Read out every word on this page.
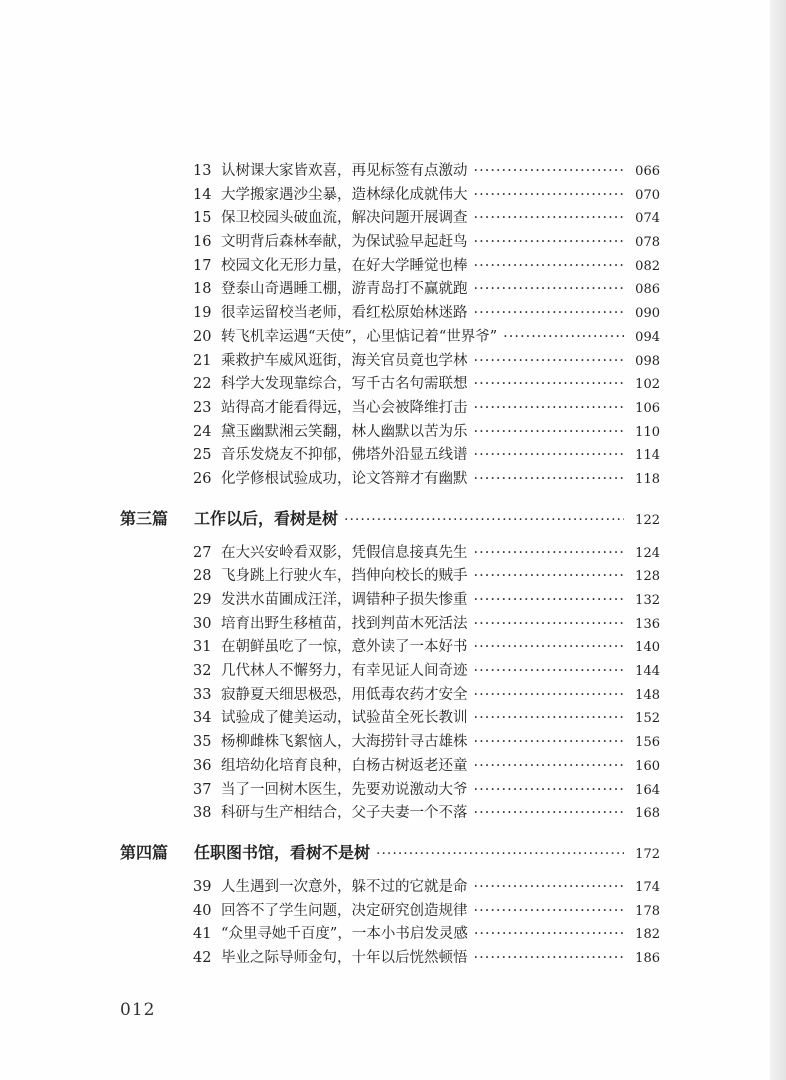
13 认树课大家皆欢喜，再见标签有点激动 ·····	066
14 大学搬家遇沙尘暴，造林绿化成就伟大 ·····	070
15 保卫校园头破血流，解决问题开展调查 ·····	074
16 文明背后森林奉献，为保试验早起赶鸟 ·····	078
17 校园文化无形力量，在好大学睡觉也棒 ·····	082
18 登泰山奇遇睡工棚，游青岛打不赢就跑 ·····	086
19 很幸运留校当老师，看红松原始林迷路 ·····	090
20 转飞机幸运遇“天使”，心里惦记着“世界爷” ·····	094
21 乘救护车威风逛街，海关官员竟也学林 ·····	098
22 科学大发现靠综合，写千古名句需联想 ·····	102
23 站得高才能看得远，当心会被降维打击 ·····	106
24 黛玉幽默湘云笑翻，林人幽默以苦为乐 ·····	110
25 音乐发烧友不抑郁，佛塔外沿显五线谱 ·····	114
26 化学修根试验成功，论文答辩才有幽默 ·····	118
第三篇	工作以后，看树是树 ·····	122
27 在大兴安岭看双影，凭假信息接真先生 ·····	124
28 飞身跳上行驶火车，挡伸向校长的贼手 ·····	128
29 发洪水苗圃成汪洋，调错种子损失惨重 ·····	132
30 培育出野生移植苗，找到判苗木死活法 ·····	136
31 在朝鲜虽吃了一惊，意外读了一本好书 ·····	140
32 几代林人不懈努力，有幸见证人间奇迹 ·····	144
33 寂静夏天细思极恐，用低毒农药才安全 ·····	148
34 试验成了健美运动，试验苗全死长教训 ·····	152
35 杨柳雌株飞絮恼人，大海捞针寻古雄株 ·····	156
36 组培幼化培育良种，白杨古树返老还童 ·····	160
37 当了一回树木医生，先要劝说激动大爷 ·····	164
38 科研与生产相结合，父子夫妻一个不落 ·····	168
第四篇	任职图书馆，看树不是树 ·····	172
39 人生遇到一次意外，躲不过的它就是命 ·····	174
40 回答不了学生问题，决定研究创造规律 ·····	178
41 “众里寻她千百度”，一本小书启发灵感 ·····	182
42 毕业之际导师金句，十年以后恍然顿悟 ·····	186
012
